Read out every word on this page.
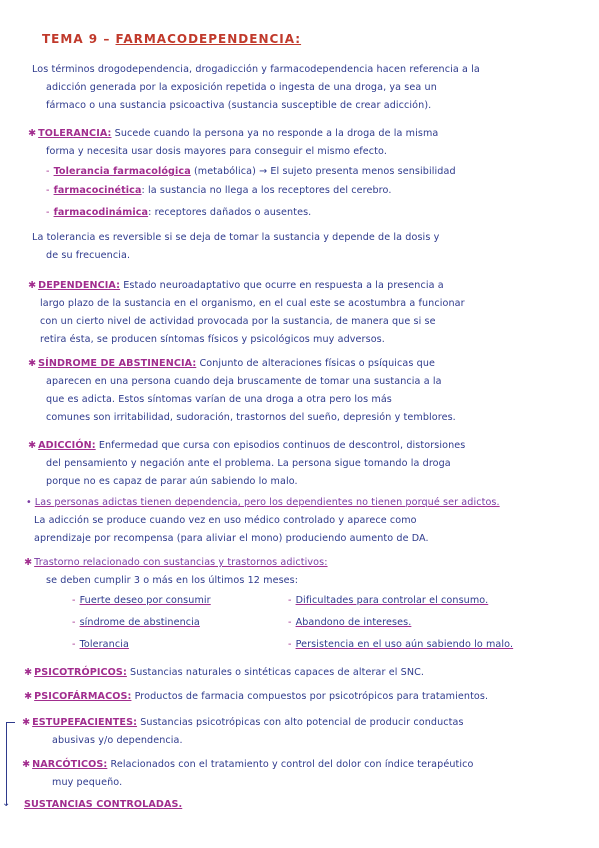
TEMA 9 – FARMACODEPENDENCIA:
Los términos drogodependencia, drogadicción y farmacodependencia hacen referencia a la
adicción generada por la exposición repetida o ingesta de una droga, ya sea un
fármaco o una sustancia psicoactiva (sustancia susceptible de crear adicción).
✱ TOLERANCIA: Sucede cuando la persona ya no responde a la droga de la misma
forma y necesita usar dosis mayores para conseguir el mismo efecto.
- Tolerancia farmacológica (metabólica) → El sujeto presenta menos sensibilidad
- farmacocinética: la sustancia no llega a los receptores del cerebro.
- farmacodinámica: receptores dañados o ausentes.
La tolerancia es reversible si se deja de tomar la sustancia y depende de la dosis y
de su frecuencia.
✱ DEPENDENCIA: Estado neuroadaptativo que ocurre en respuesta a la presencia a
largo plazo de la sustancia en el organismo, en el cual este se acostumbra a funcionar
con un cierto nivel de actividad provocada por la sustancia, de manera que si se
retira ésta, se producen síntomas físicos y psicológicos muy adversos.
✱ SÍNDROME DE ABSTINENCIA: Conjunto de alteraciones físicas o psíquicas que
aparecen en una persona cuando deja bruscamente de tomar una sustancia a la
que es adicta. Estos síntomas varían de una droga a otra pero los más
comunes son irritabilidad, sudoración, trastornos del sueño, depresión y temblores.
✱ ADICCIÓN: Enfermedad que cursa con episodios continuos de descontrol, distorsiones
del pensamiento y negación ante el problema. La persona sigue tomando la droga
porque no es capaz de parar aún sabiendo lo malo.
• Las personas adictas tienen dependencia, pero los dependientes no tienen porqué ser adictos.
La adicción se produce cuando vez en uso médico controlado y aparece como
aprendizaje por recompensa (para aliviar el mono) produciendo aumento de DA.
✱ Trastorno relacionado con sustancias y trastornos adictivos:
se deben cumplir 3 o más en los últimos 12 meses:
- Fuerte deseo por consumir
- síndrome de abstinencia
- Tolerancia
- Dificultades para controlar el consumo.
- Abandono de intereses.
- Persistencia en el uso aún sabiendo lo malo.
✱ PSICOTRÓPICOS: Sustancias naturales o sintéticas capaces de alterar el SNC.
✱ PSICOFÁRMACOS: Productos de farmacia compuestos por psicotrópicos para tratamientos.
✱ ESTUPEFACIENTES: Sustancias psicotrópicas con alto potencial de producir conductas
abusivas y/o dependencia.
✱ NARCÓTICOS: Relacionados con el tratamiento y control del dolor con índice terapéutico
muy pequeño.
⌄ SUSTANCIAS CONTROLADAS.
